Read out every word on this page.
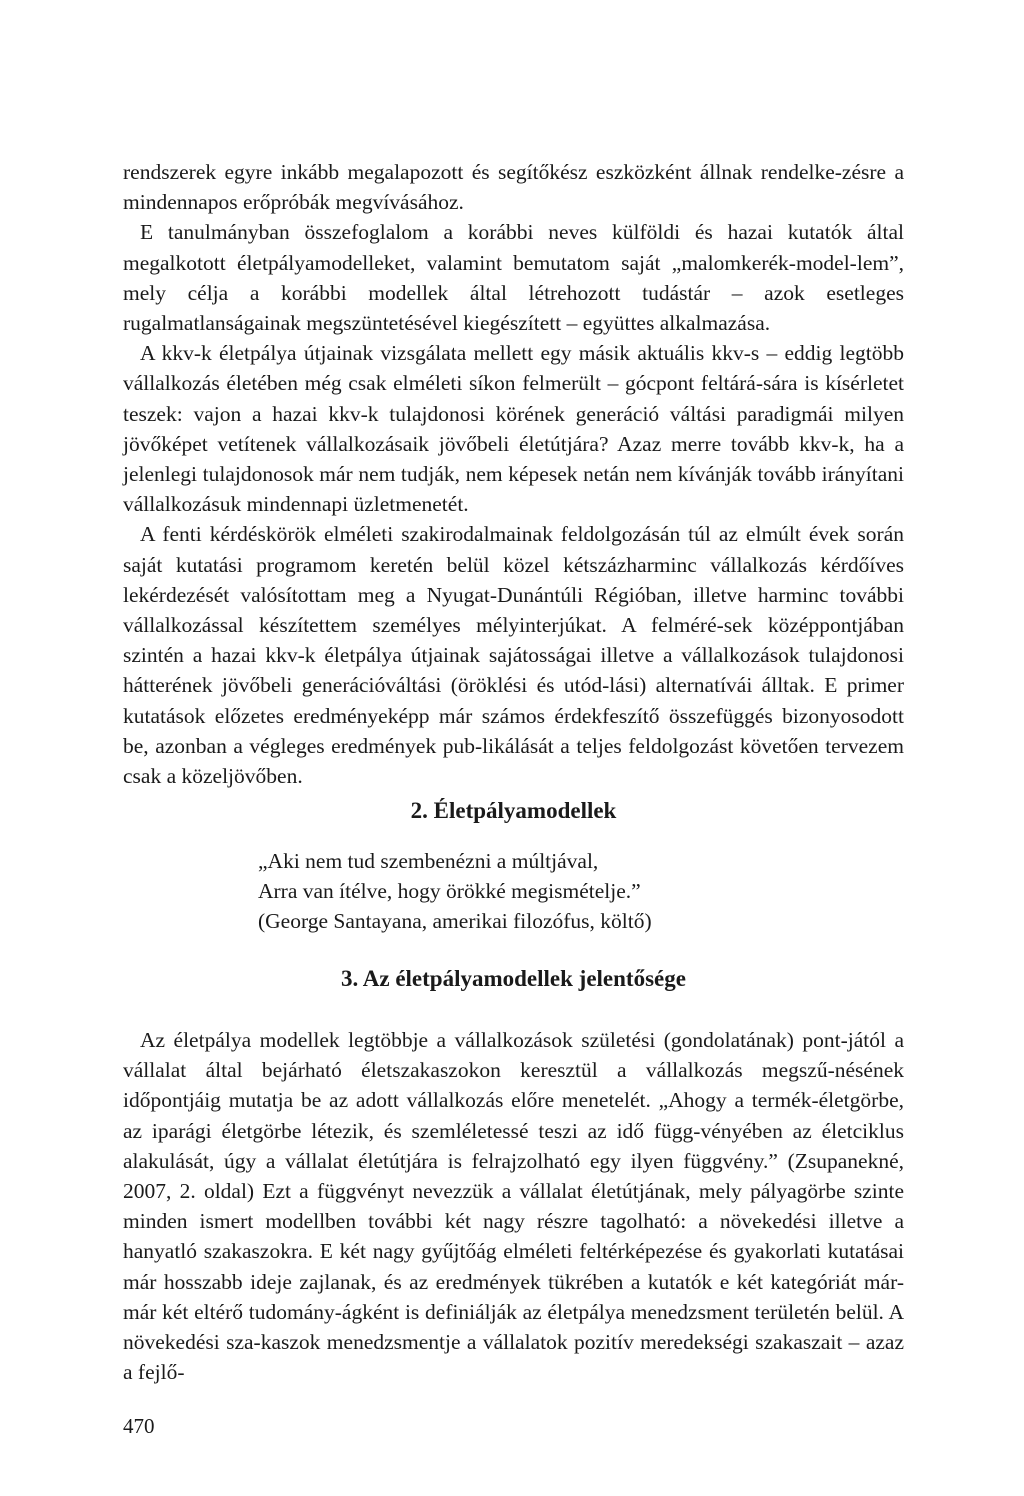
rendszerek egyre inkább megalapozott és segítőkész eszközként állnak rendelke-zésre a mindennapos erőpróbák megvívásához.

E tanulmányban összefoglalom a korábbi neves külföldi és hazai kutatók által megalkotott életpályamodelleket, valamint bemutatom saját „malomkerék-model-lem”, mely célja a korábbi modellek által létrehozott tudástár – azok esetleges rugalmatlanságainak megszüntetésével kiegészített – együttes alkalmazása.

A kkv-k életpálya útjainak vizsgálata mellett egy másik aktuális kkv-s – eddig legtöbb vállalkozás életében még csak elméleti síkon felmerült – gócpont feltárá-sára is kísérletet teszek: vajon a hazai kkv-k tulajdonosi körének generáció váltási paradigmái milyen jövőképet vetítenek vállalkozásaik jövőbeli életútjára? Azaz merre tovább kkv-k, ha a jelenlegi tulajdonosok már nem tudják, nem képesek netán nem kívánják tovább irányítani vállalkozásuk mindennapi üzletmenetét.

A fenti kérdéskörök elméleti szakirodalmainak feldolgozásán túl az elmúlt évek során saját kutatási programom keretén belül közel kétszázharminc vállalkozás kérdőíves lekérdezését valósítottam meg a Nyugat-Dunántúli Régióban, illetve harminc további vállalkozással készítettem személyes mélyinterjúkat. A felméré-sek középpontjában szintén a hazai kkv-k életpálya útjainak sajátosságai illetve a vállalkozások tulajdonosi hátterének jövőbeli generációváltási (öröklési és utód-lási) alternatívái álltak. E primer kutatások előzetes eredményeképp már számos érdekfeszítő összefüggés bizonyosodott be, azonban a végleges eredmények pub-likálását a teljes feldolgozást követően tervezem csak a közeljövőben.

2. Életpályamodellek
„Aki nem tud szembenézni a múltjával,
Arra van ítélve, hogy örökké megismételje.”
(George Santayana, amerikai filozófus, költő)
3. Az életpályamodellek jelentősége

Az életpálya modellek legtöbbje a vállalkozások születési (gondolatának) pont-jától a vállalat által bejárható életszakaszokon keresztül a vállalkozás megszű-nésének időpontjáig mutatja be az adott vállalkozás előre menetelét. „Ahogy a termék-életgörbe, az iparági életgörbe létezik, és szemléletessé teszi az idő függ-vényében az életciklus alakulását, úgy a vállalat életútjára is felrajzolható egy ilyen függvény.” (Zsupanekné, 2007, 2. oldal) Ezt a függvényt nevezzük a vállalat életútjának, mely pályagörbe szinte minden ismert modellben további két nagy részre tagolható: a növekedési illetve a hanyatló szakaszokra. E két nagy gyűjtőág elméleti feltérképezése és gyakorlati kutatásai már hosszabb ideje zajlanak, és az eredmények tükrében a kutatók e két kategóriát már-már két eltérő tudomány-ágként is definiálják az életpálya menedzsment területén belül. A növekedési sza-kaszok menedzsmentje a vállalatok pozitív meredekségi szakaszait – azaz a fejlő-

470
